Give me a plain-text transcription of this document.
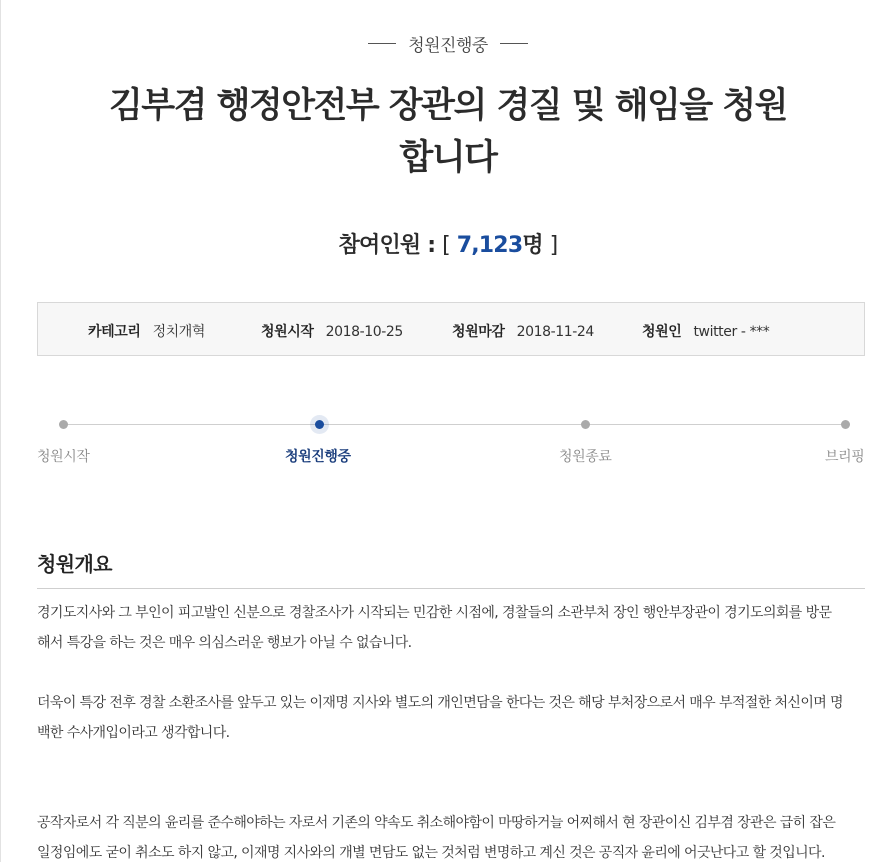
청원진행중
김부겸 행정안전부 장관의 경질 및 해임을 청원
합니다
참여인원 : [ 7,123명 ]
카테고리 정치개혁	청원시작 2018-10-25	청원마감 2018-11-24	청원인 twitter - ***
청원시작	청원진행중	청원종료	브리핑
청원개요

경기도지사와 그 부인이 피고발인 신분으로 경찰조사가 시작되는 민감한 시점에, 경찰들의 소관부처 장인 행안부장관이 경기도의회를 방문
해서 특강을 하는 것은 매우 의심스러운 행보가 아닐 수 없습니다.

더욱이 특강 전후 경찰 소환조사를 앞두고 있는 이재명 지사와 별도의 개인면담을 한다는 것은 해당 부처장으로서 매우 부적절한 처신이며 명
백한 수사개입이라고 생각합니다.

공작자로서 각 직분의 윤리를 준수해야하는 자로서 기존의 약속도 취소해야함이 마땅하거늘 어찌해서 현 장관이신 김부겸 장관은 급히 잡은
일정임에도 굳이 취소도 하지 않고, 이재명 지사와의 개별 면담도 없는 것처럼 변명하고 계신 것은 공직자 윤리에 어긋난다고 할 것입니다.
